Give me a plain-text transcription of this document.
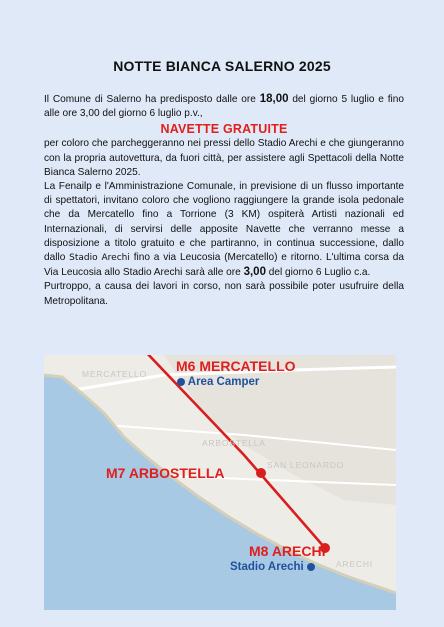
NOTTE BIANCA SALERNO 2025

Il Comune di Salerno ha predisposto dalle ore 18,00 del giorno 5 luglio e fino alle ore 3,00 del giorno 6 luglio p.v.,

NAVETTE GRATUITE

per coloro che parcheggeranno nei pressi dello Stadio Arechi e che giungeranno con la propria autovettura, da fuori città, per assistere agli Spettacoli della Notte Bianca Salerno 2025.

La Fenailp e l'Amministrazione Comunale, in previsione di un flusso importante di spettatori, invitano coloro che vogliono raggiungere la grande isola pedonale che da Mercatello fino a Torrione (3 KM) ospiterà Artisti nazionali ed Internazionali, di servirsi delle apposite Navette che verranno messe a disposizione a titolo gratuito e che partiranno, in continua successione, dallo dallo Stadio Arechi fino a via Leucosia (Mercatello) e ritorno. L'ultima corsa da Via Leucosia allo Stadio Arechi sarà alle ore 3,00 del giorno 6 Luglio c.a.

Purtroppo, a causa dei lavori in corso, non sarà possibile poter usufruire della Metropolitana.

MERCATELLO
ARBOSTELLA
SAN LEONARDO
ARECHI
M6 MERCATELLO
Area Camper
M7 ARBOSTELLA
M8 ARECHI
Stadio Arechi
